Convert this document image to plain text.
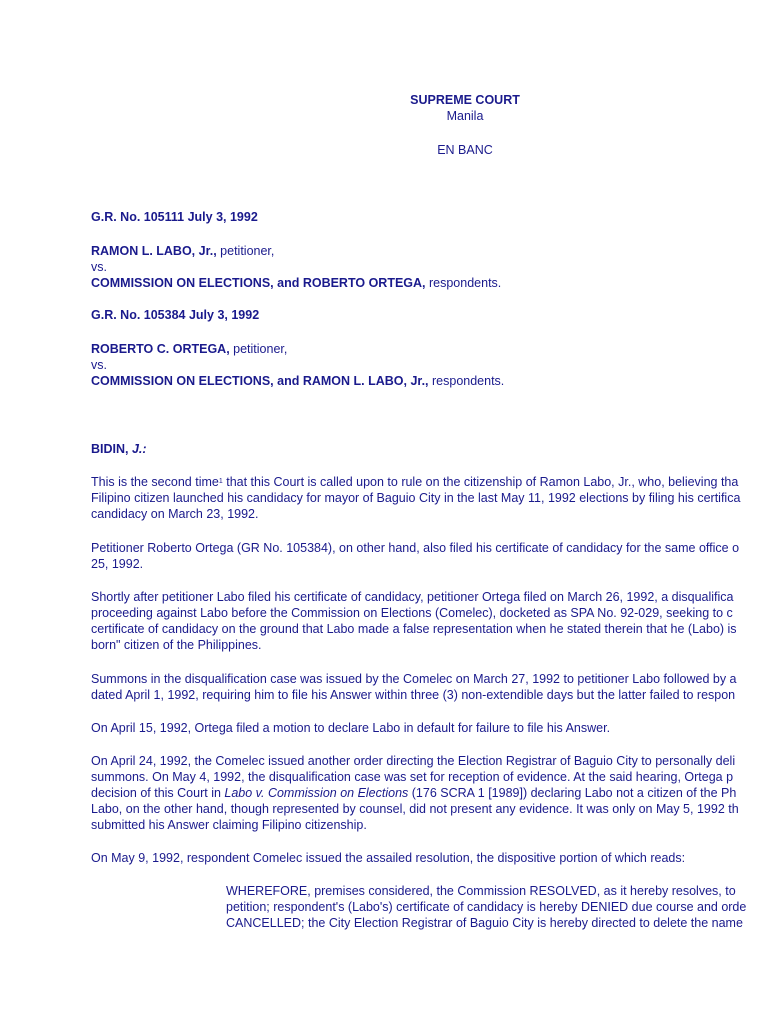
SUPREME COURT
Manila
EN BANC
G.R. No. 105111 July 3, 1992
RAMON L. LABO, Jr., petitioner,
vs.
COMMISSION ON ELECTIONS, and ROBERTO ORTEGA, respondents.
G.R. No. 105384 July 3, 1992
ROBERTO C. ORTEGA, petitioner,
vs.
COMMISSION ON ELECTIONS, and RAMON L. LABO, Jr., respondents.
BIDIN, J.:
This is the second time$^1$ that this Court is called upon to rule on the citizenship of Ramon Labo, Jr., who, believing tha
Filipino citizen launched his candidacy for mayor of Baguio City in the last May 11, 1992 elections by filing his certifica
candidacy on March 23, 1992.
Petitioner Roberto Ortega (GR No. 105384), on other hand, also filed his certificate of candidacy for the same office o
25, 1992.
Shortly after petitioner Labo filed his certificate of candidacy, petitioner Ortega filed on March 26, 1992, a disqualifica
proceeding against Labo before the Commission on Elections (Comelec), docketed as SPA No. 92-029, seeking to c
certificate of candidacy on the ground that Labo made a false representation when he stated therein that he (Labo) is
born" citizen of the Philippines.
Summons in the disqualification case was issued by the Comelec on March 27, 1992 to petitioner Labo followed by a
dated April 1, 1992, requiring him to file his Answer within three (3) non-extendible days but the latter failed to respon
On April 15, 1992, Ortega filed a motion to declare Labo in default for failure to file his Answer.
On April 24, 1992, the Comelec issued another order directing the Election Registrar of Baguio City to personally deli
summons. On May 4, 1992, the disqualification case was set for reception of evidence. At the said hearing, Ortega p
decision of this Court in Labo v. Commission on Elections (176 SCRA 1 [1989]) declaring Labo not a citizen of the Ph
Labo, on the other hand, though represented by counsel, did not present any evidence. It was only on May 5, 1992 th
submitted his Answer claiming Filipino citizenship.
On May 9, 1992, respondent Comelec issued the assailed resolution, the dispositive portion of which reads:
WHEREFORE, premises considered, the Commission RESOLVED, as it hereby resolves, to
petition; respondent's (Labo's) certificate of candidacy is hereby DENIED due course and orde
CANCELLED; the City Election Registrar of Baguio City is hereby directed to delete the name
